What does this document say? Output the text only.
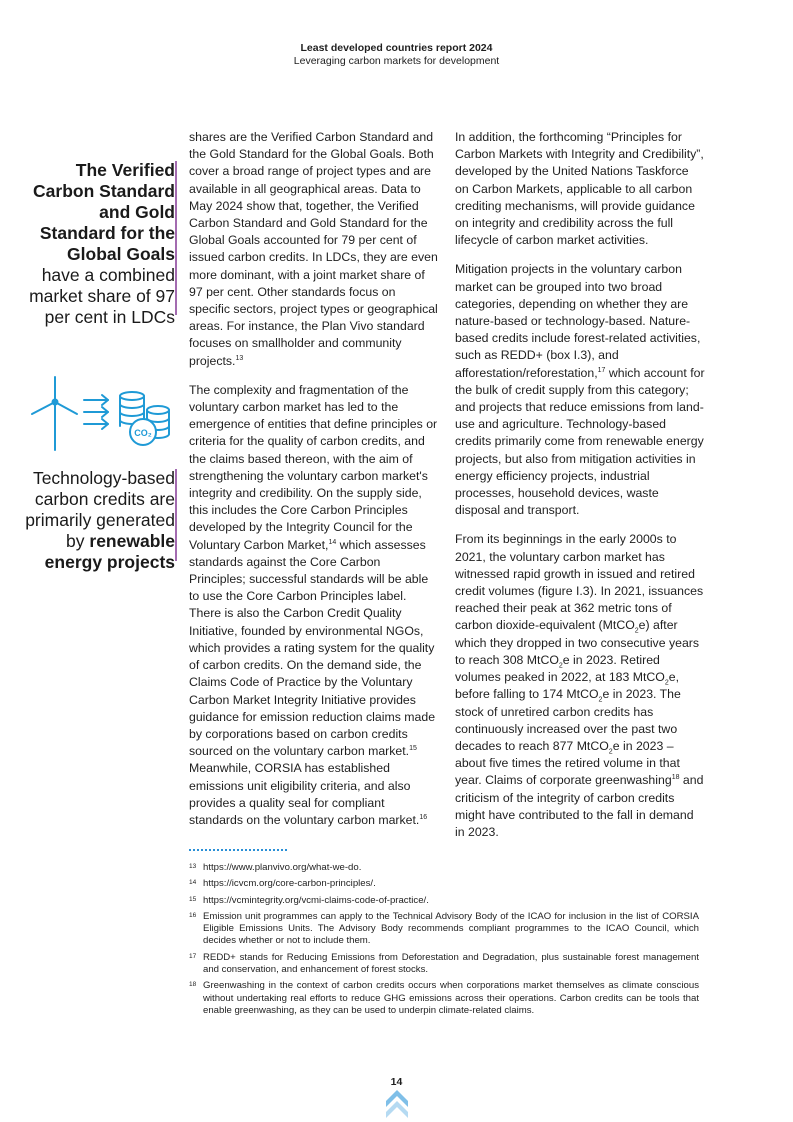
Least developed countries report 2024
Leveraging carbon markets for development
The Verified Carbon Standard and Gold Standard for the Global Goals have a combined market share of 97 per cent in LDCs
CO₂
Technology-based carbon credits are primarily generated by renewable energy projects

shares are the Verified Carbon Standard and the Gold Standard for the Global Goals. Both cover a broad range of project types and are available in all geographical areas. Data to May 2024 show that, together, the Verified Carbon Standard and Gold Standard for the Global Goals accounted for 79 per cent of issued carbon credits. In LDCs, they are even more dominant, with a joint market share of 97 per cent. Other standards focus on specific sectors, project types or geographical areas. For instance, the Plan Vivo standard focuses on smallholder and community projects.$^{13}$

The complexity and fragmentation of the voluntary carbon market has led to the emergence of entities that define principles or criteria for the quality of carbon credits, and the claims based thereon, with the aim of strengthening the voluntary carbon market's integrity and credibility. On the supply side, this includes the Core Carbon Principles developed by the Integrity Council for the Voluntary Carbon Market,$^{14}$ which assesses standards against the Core Carbon Principles; successful standards will be able to use the Core Carbon Principles label. There is also the Carbon Credit Quality Initiative, founded by environmental NGOs, which provides a rating system for the quality of carbon credits. On the demand side, the Claims Code of Practice by the Voluntary Carbon Market Integrity Initiative provides guidance for emission reduction claims made by corporations based on carbon credits sourced on the voluntary carbon market.$^{15}$ Meanwhile, CORSIA has established emissions unit eligibility criteria, and also provides a quality seal for compliant standards on the voluntary carbon market.$^{16}$

In addition, the forthcoming “Principles for Carbon Markets with Integrity and Credibility”, developed by the United Nations Taskforce on Carbon Markets, applicable to all carbon crediting mechanisms, will provide guidance on integrity and credibility across the full lifecycle of carbon market activities.

Mitigation projects in the voluntary carbon market can be grouped into two broad categories, depending on whether they are nature-based or technology-based. Nature-based credits include forest-related activities, such as REDD+ (box I.3), and afforestation/reforestation,$^{17}$ which account for the bulk of credit supply from this category; and projects that reduce emissions from land-use and agriculture. Technology-based credits primarily come from renewable energy projects, but also from mitigation activities in energy efficiency projects, industrial processes, household devices, waste disposal and transport.

From its beginnings in the early 2000s to 2021, the voluntary carbon market has witnessed rapid growth in issued and retired credit volumes (figure I.3). In 2021, issuances reached their peak at 362 metric tons of carbon dioxide-equivalent (MtCO$_2$e) after which they dropped in two consecutive years to reach 308 MtCO$_2$e in 2023. Retired volumes peaked in 2022, at 183 MtCO$_2$e, before falling to 174 MtCO$_2$e in 2023. The stock of unretired carbon credits has continuously increased over the past two decades to reach 877 MtCO$_2$e in 2023 – about five times the retired volume in that year. Claims of corporate greenwashing$^{18}$ and criticism of the integrity of carbon credits might have contributed to the fall in demand in 2023.

13 https://www.planvivo.org/what-we-do.
14 https://icvcm.org/core-carbon-principles/.
15 https://vcmintegrity.org/vcmi-claims-code-of-practice/.
16 Emission unit programmes can apply to the Technical Advisory Body of the ICAO for inclusion in the list of CORSIA Eligible Emissions Units. The Advisory Body recommends compliant programmes to the ICAO Council, which decides whether or not to include them.
17 REDD+ stands for Reducing Emissions from Deforestation and Degradation, plus sustainable forest management and conservation, and enhancement of forest stocks.
18 Greenwashing in the context of carbon credits occurs when corporations market themselves as climate conscious without undertaking real efforts to reduce GHG emissions across their operations. Carbon credits can be tools that enable greenwashing, as they can be used to underpin climate-related claims.
14
